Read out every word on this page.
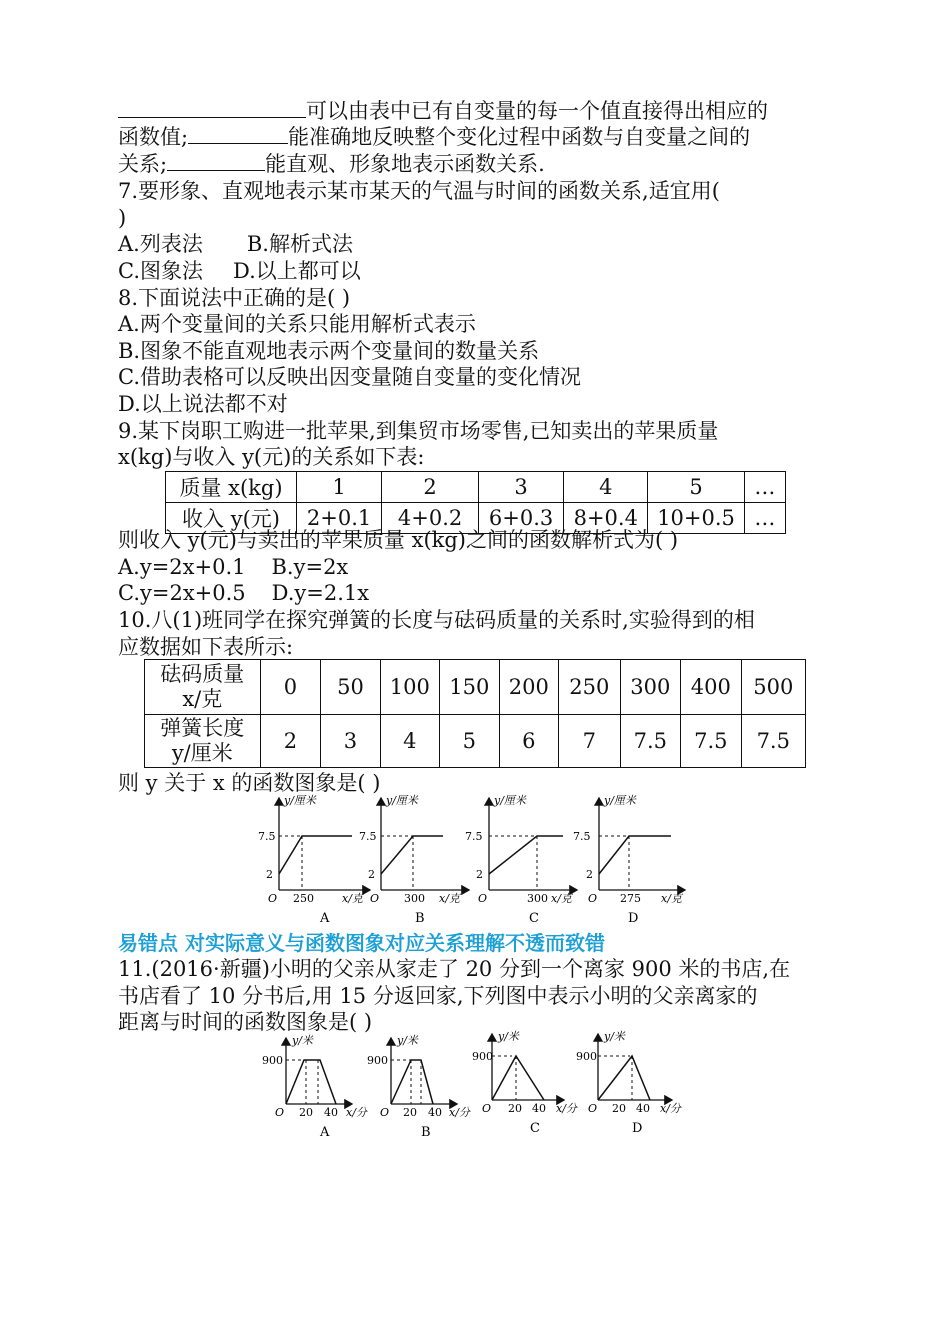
可以由表中已有自变量的每一个值直接得出相应的
函数值;	能准确地反映整个变化过程中函数与自变量之间的
关系;	能直观、形象地表示函数关系.
7.要形象、直观地表示某市某天的气温与时间的函数关系,适宜用(
)
A.列表法 B.解析式法
C.图象法 D.以上都可以
8.下面说法中正确的是( )
A.两个变量间的关系只能用解析式表示
B.图象不能直观地表示两个变量间的数量关系
C.借助表格可以反映出因变量随自变量的变化情况
D.以上说法都不对
9.某下岗职工购进一批苹果,到集贸市场零售,已知卖出的苹果质量
x(kg)与收入 y(元)的关系如下表:
质量 x(kg)	1	2	3	4	5	…
收入 y(元)	2+0.1	4+0.2	6+0.3	8+0.4	10+0.5	…
则收入 y(元)与卖出的苹果质量 x(kg)之间的函数解析式为( )
A.y=2x+0.1 B.y=2x
C.y=2x+0.5 D.y=2.1x
10.八(1)班同学在探究弹簧的长度与砝码质量的关系时,实验得到的相
应数据如下表所示:
砝码质量
x/克	0	50	100	150	200	250	300	400	500
弹簧长度
y/厘米	2	3	4	5	6	7	7.5	7.5	7.5
则 y 关于 x 的函数图象是( )
y/厘米
7.5
2
O 250	x/克
A
y/厘米
7.5
2
O 300 x/克
B
y/厘米
7.5
2
O	300 x/克
C
y/厘米
7.5
2
O 275 x/克
D
易错点 对实际意义与函数图象对应关系理解不透而致错
11.(2016·新疆)小明的父亲从家走了 20 分到一个离家 900 米的书店,在
书店看了 10 分书后,用 15 分返回家,下列图中表示小明的父亲离家的
距离与时间的函数图象是( )
y/米
900
O 20 40 x/分
A
y/米
900
O 20 40 x/分
B
y/米
900
O 20 40 x/分
C
y/米
900
O 20 40 x/分
D
